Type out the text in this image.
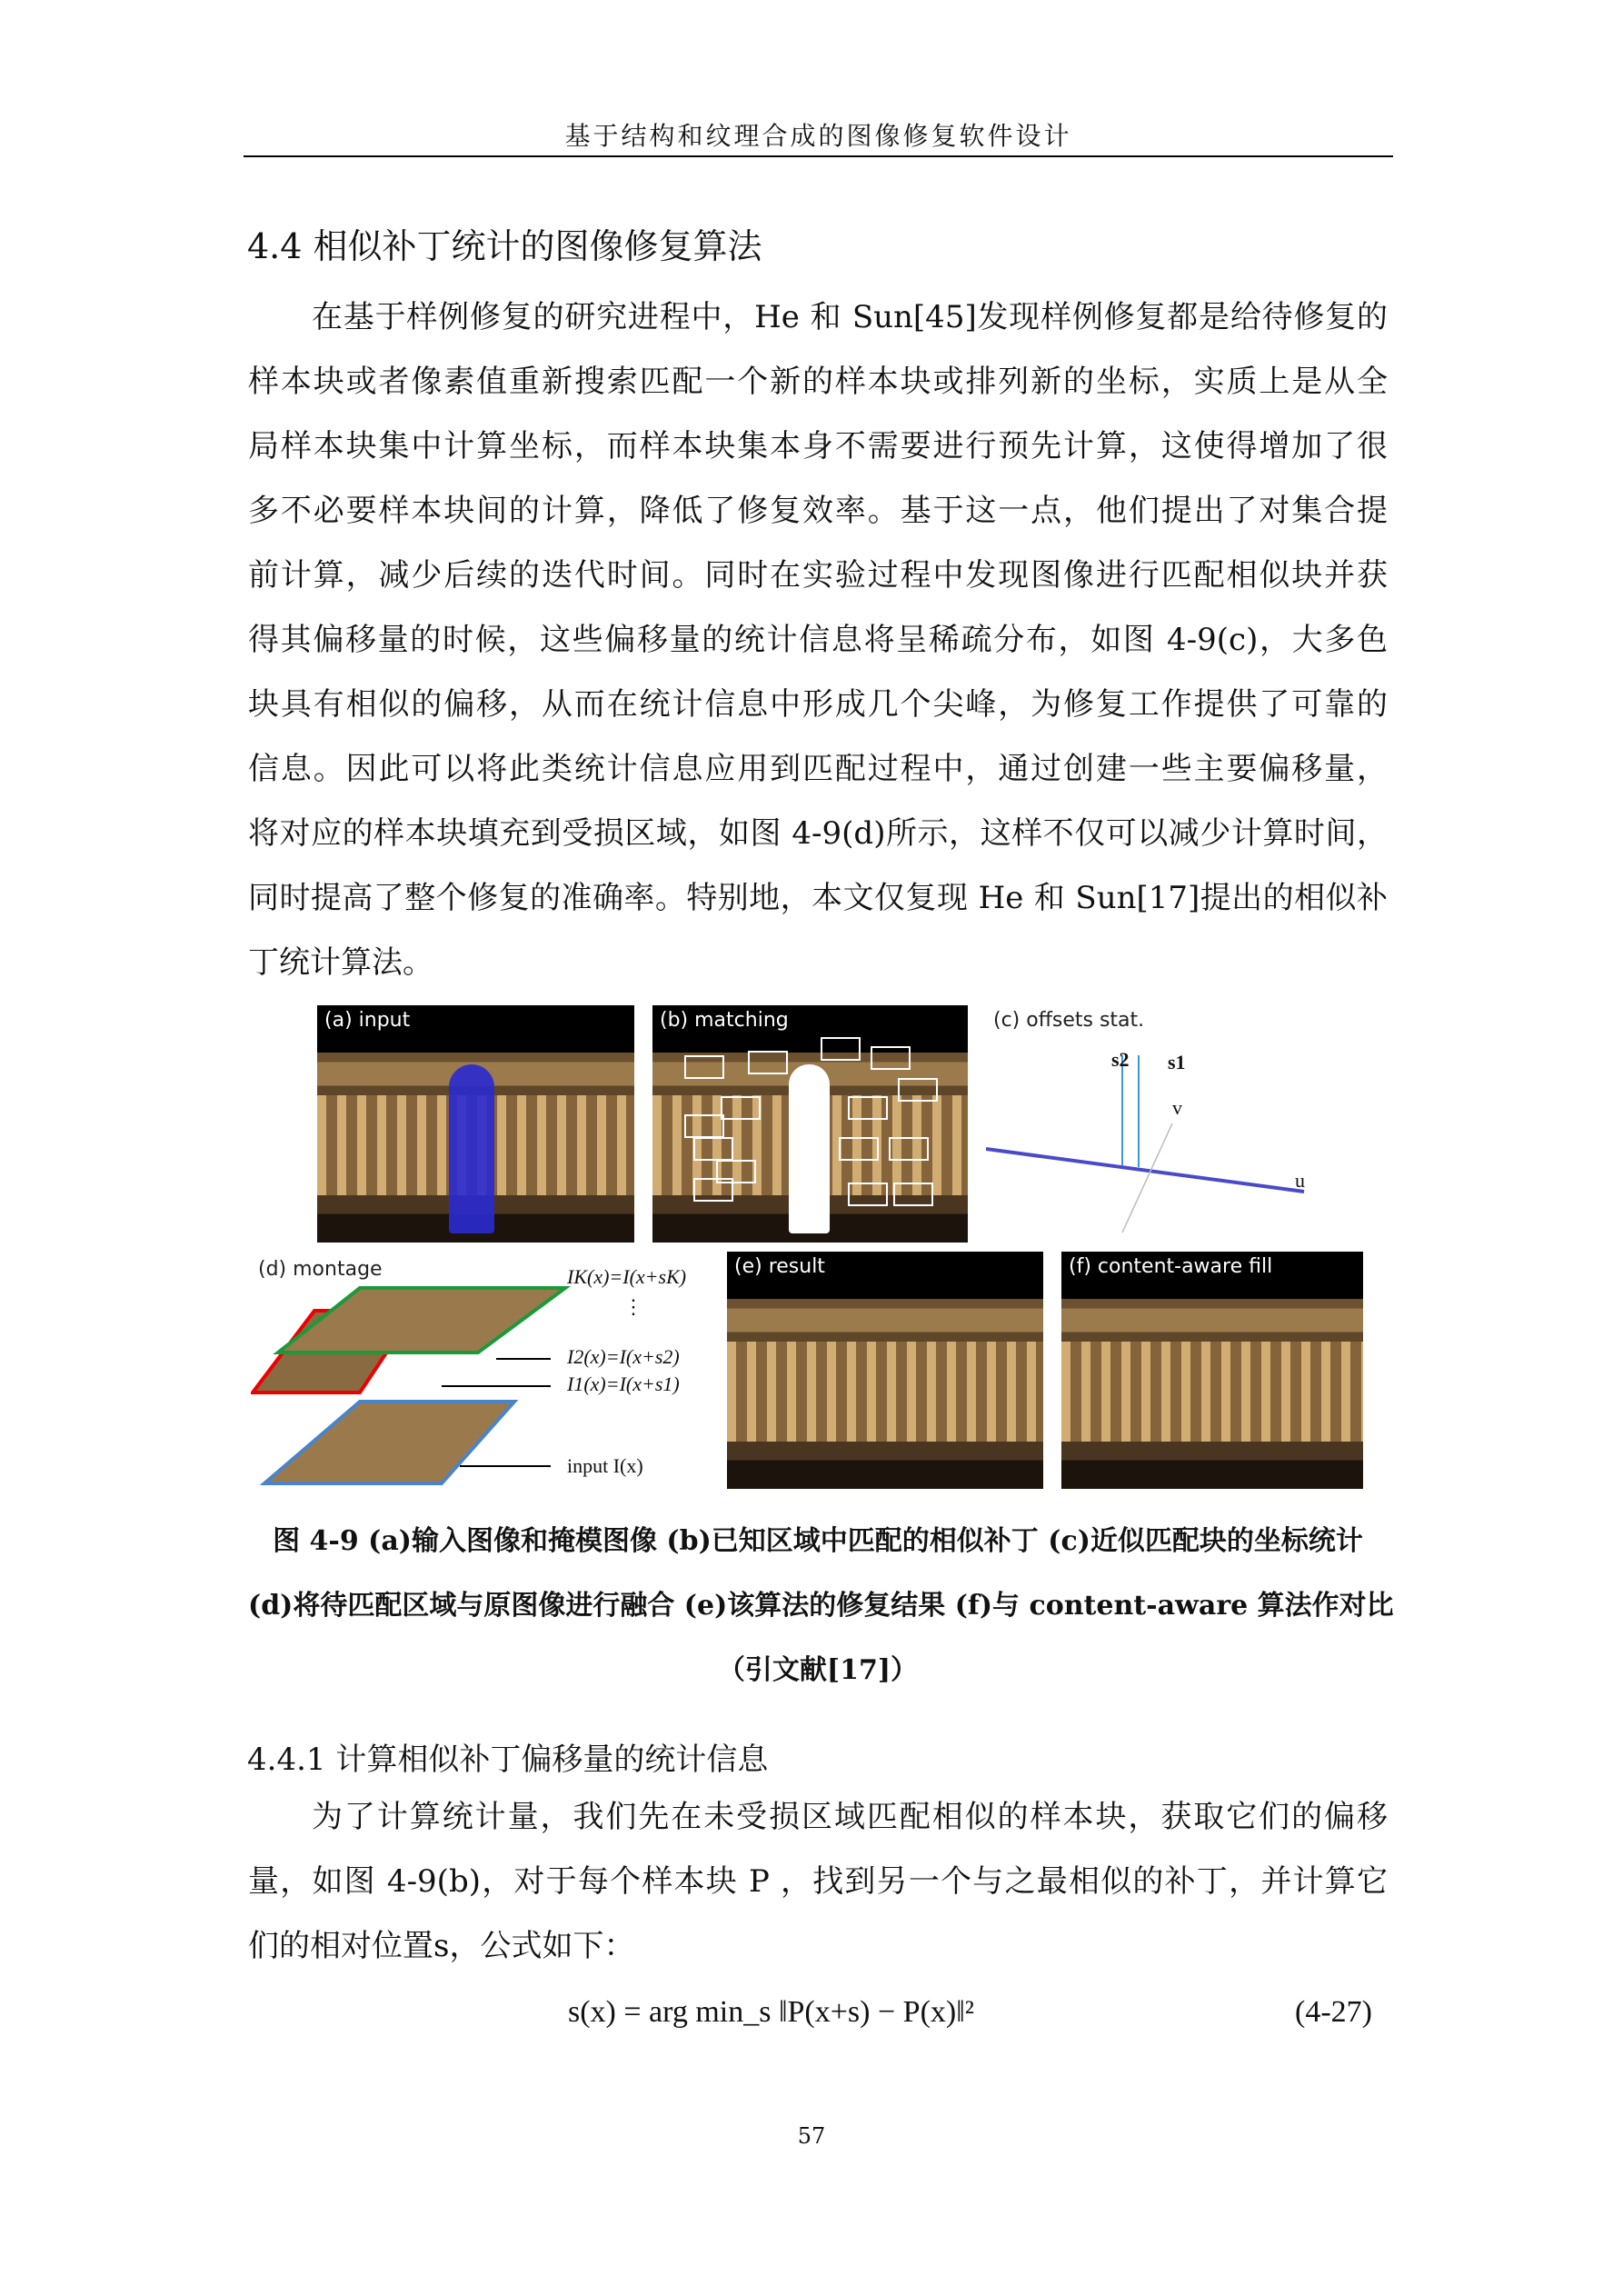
基于结构和纹理合成的图像修复软件设计
4.4 相似补丁统计的图像修复算法
在基于样例修复的研究进程中，He 和 Sun[45]发现样例修复都是给待修复的
样本块或者像素值重新搜索匹配一个新的样本块或排列新的坐标，实质上是从全
局样本块集中计算坐标，而样本块集本身不需要进行预先计算，这使得增加了很
多不必要样本块间的计算，降低了修复效率。基于这一点，他们提出了对集合提
前计算，减少后续的迭代时间。同时在实验过程中发现图像进行匹配相似块并获
得其偏移量的时候，这些偏移量的统计信息将呈稀疏分布，如图 4-9(c)，大多色
块具有相似的偏移，从而在统计信息中形成几个尖峰，为修复工作提供了可靠的
信息。因此可以将此类统计信息应用到匹配过程中，通过创建一些主要偏移量，
将对应的样本块填充到受损区域，如图 4-9(d)所示，这样不仅可以减少计算时间，
同时提高了整个修复的准确率。特别地，本文仅复现 He 和 Sun[17]提出的相似补
丁统计算法。
(a) input	(b) matching	(c) offsets stat.
s2 s1
v
u
(d) montage	IK(x)=I(x+sK)
⋮
I2(x)=I(x+s2)
I1(x)=I(x+s1)
input I(x)
(e) result	(f) content-aware fill
图 4-9 (a)输入图像和掩模图像 (b)已知区域中匹配的相似补丁 (c)近似匹配块的坐标统计
(d)将待匹配区域与原图像进行融合 (e)该算法的修复结果 (f)与 content-aware 算法作对比
（引文献[17]）
4.4.1 计算相似补丁偏移量的统计信息
为了计算统计量，我们先在未受损区域匹配相似的样本块，获取它们的偏移
量，如图 4-9(b)，对于每个样本块 P ，找到另一个与之最相似的补丁，并计算它
们的相对位置s，公式如下：
s(x) = arg min_s ‖P(x+s) − P(x)‖²	(4-27)
57
